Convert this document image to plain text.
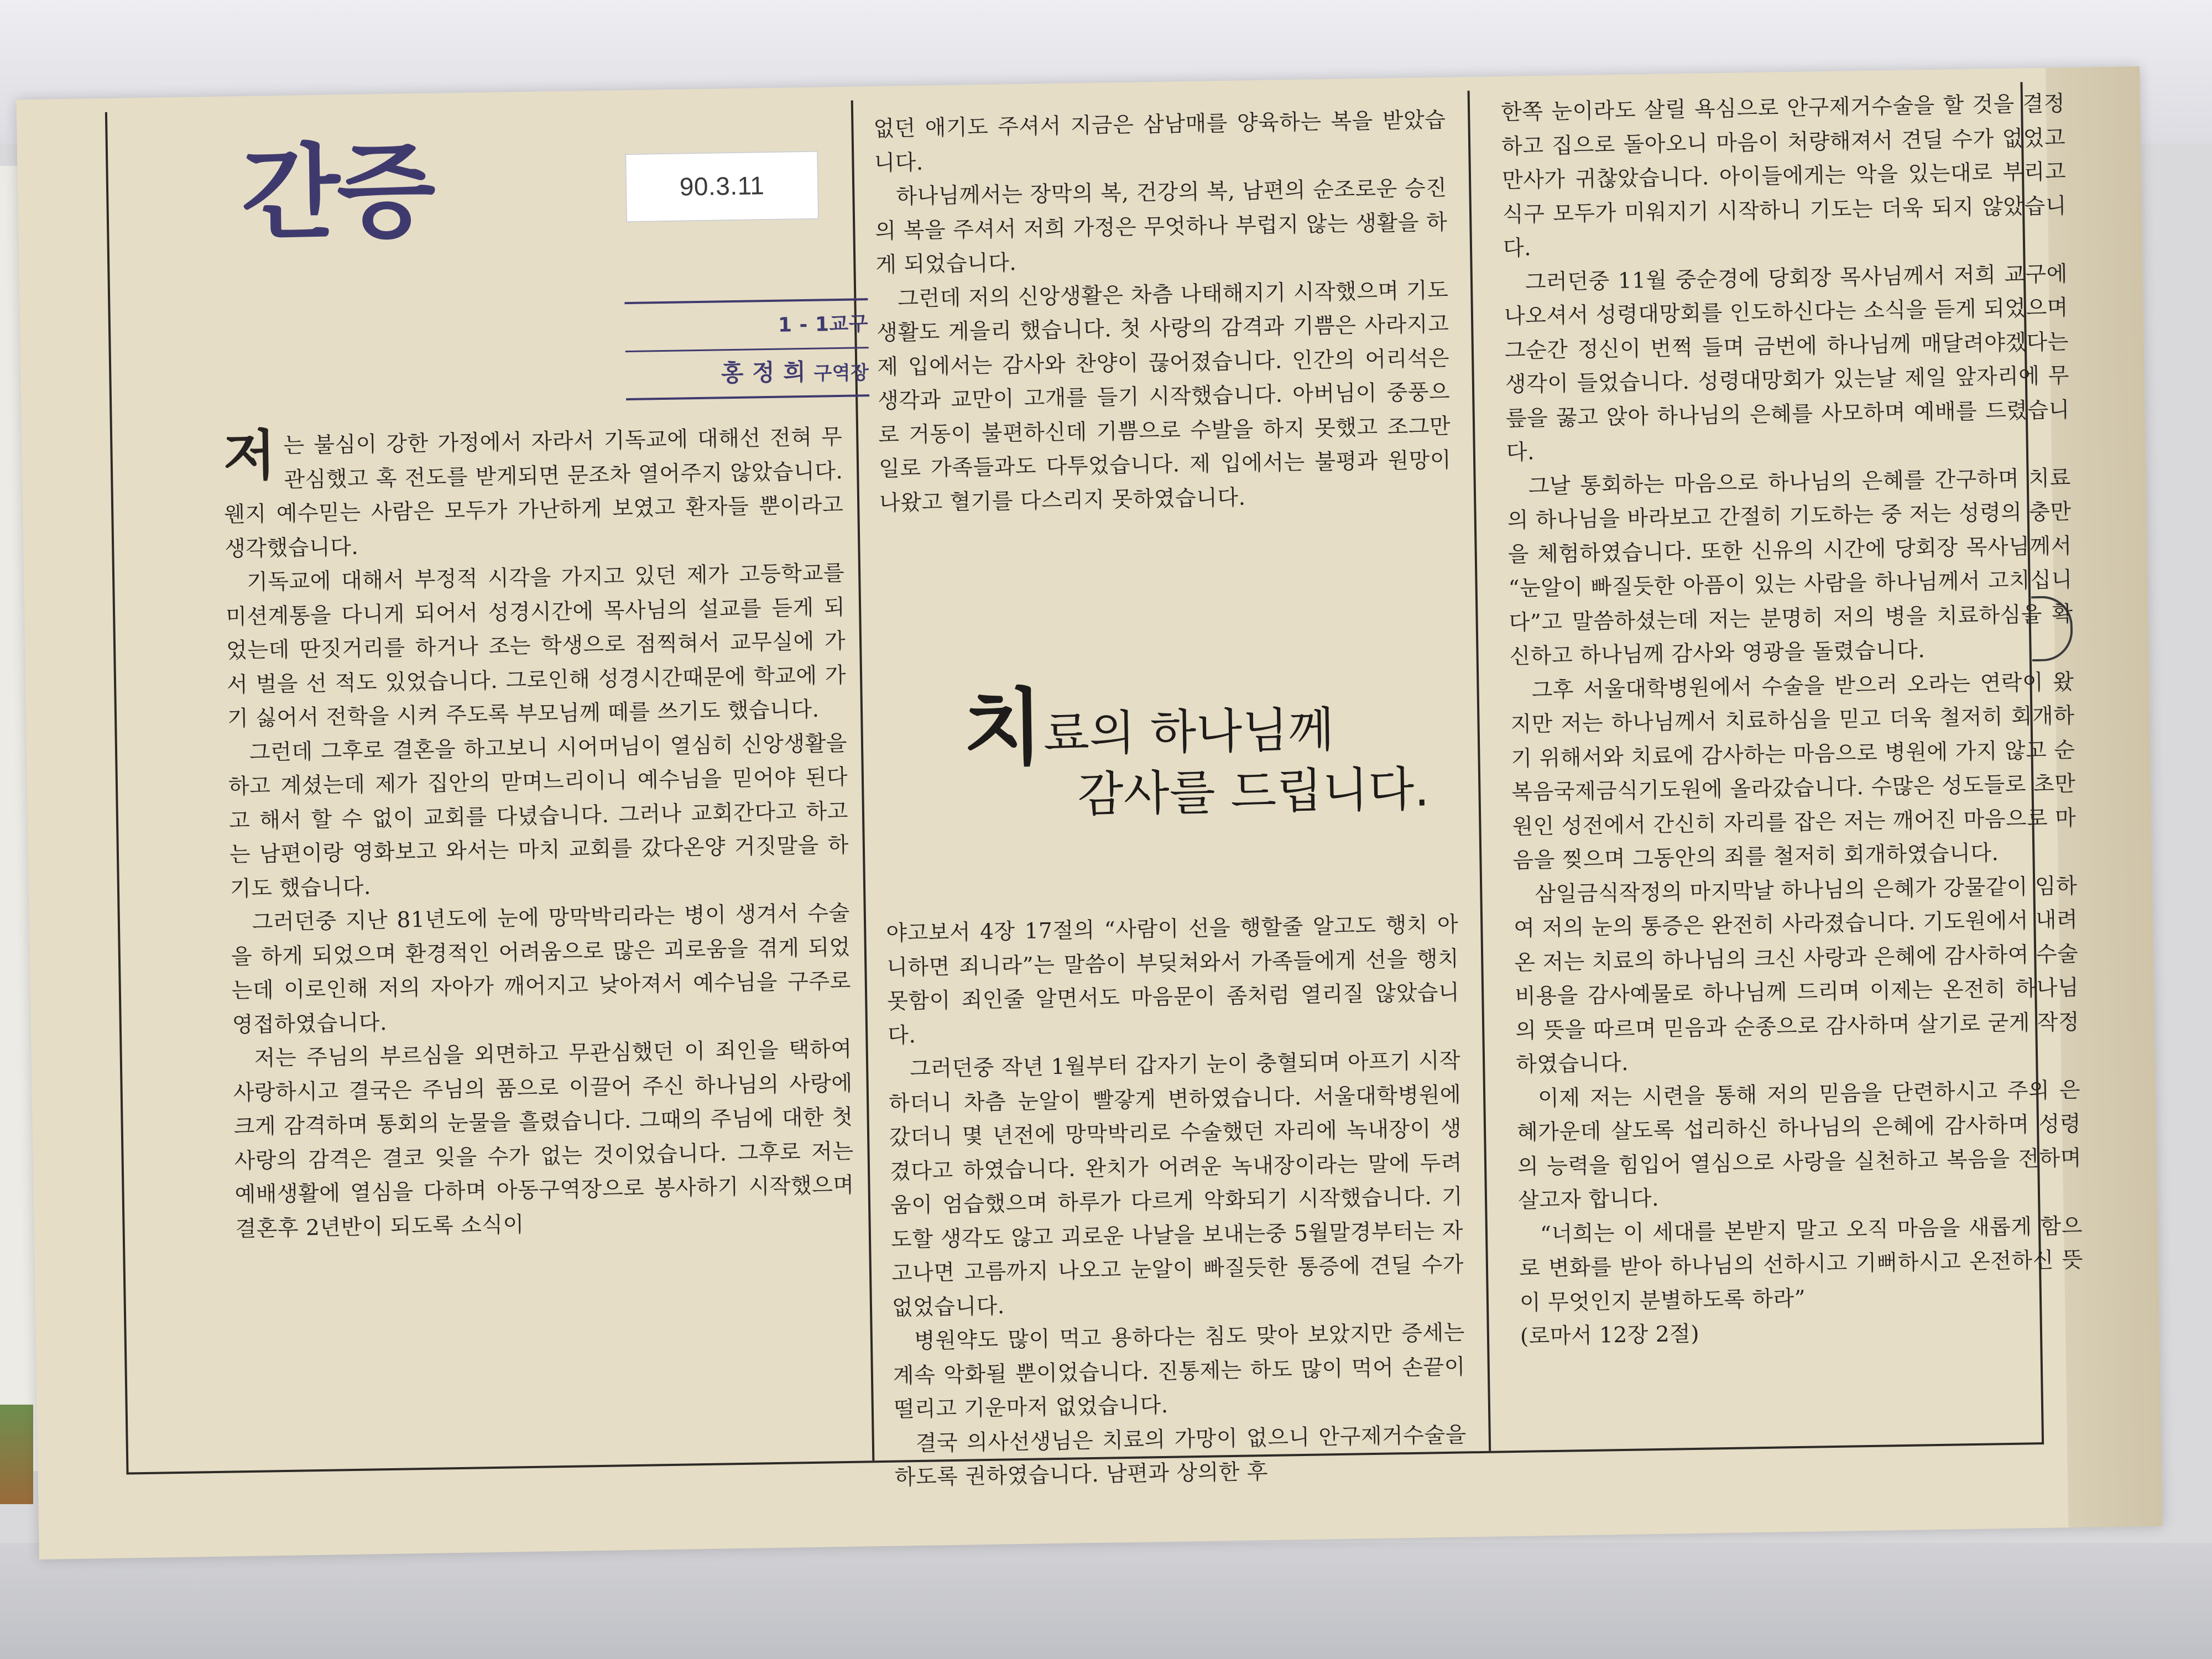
간증	90.3.11
1 - 1교구
홍 정 희 구역장

저는 불심이 강한 가정에서 자라서 기독교에 대해선 전혀 무관심했고 혹 전도를 받게되면 문조차 열어주지 않았습니다. 웬지 예수믿는 사람은 모두가 가난하게 보였고 환자들 뿐이라고 생각했습니다.

기독교에 대해서 부정적 시각을 가지고 있던 제가 고등학교를 미션계통을 다니게 되어서 성경시간에 목사님의 설교를 듣게 되었는데 딴짓거리를 하거나 조는 학생으로 점찍혀서 교무실에 가서 벌을 선 적도 있었습니다. 그로인해 성경시간때문에 학교에 가기 싫어서 전학을 시켜 주도록 부모님께 떼를 쓰기도 했습니다.

그런데 그후로 결혼을 하고보니 시어머님이 열심히 신앙생활을 하고 계셨는데 제가 집안의 맏며느리이니 예수님을 믿어야 된다고 해서 할 수 없이 교회를 다녔습니다. 그러나 교회간다고 하고는 남편이랑 영화보고 와서는 마치 교회를 갔다온양 거짓말을 하기도 했습니다.

그러던중 지난 81년도에 눈에 망막박리라는 병이 생겨서 수술을 하게 되었으며 환경적인 어려움으로 많은 괴로움을 겪게 되었는데 이로인해 저의 자아가 깨어지고 낮아져서 예수님을 구주로 영접하였습니다.

저는 주님의 부르심을 외면하고 무관심했던 이 죄인을 택하여 사랑하시고 결국은 주님의 품으로 이끌어 주신 하나님의 사랑에 크게 감격하며 통회의 눈물을 흘렸습니다. 그때의 주님에 대한 첫사랑의 감격은 결코 잊을 수가 없는 것이었습니다. 그후로 저는 예배생활에 열심을 다하며 아동구역장으로 봉사하기 시작했으며 결혼후 2년반이 되도록 소식이

없던 애기도 주셔서 지금은 삼남매를 양육하는 복을 받았습니다.

하나님께서는 장막의 복, 건강의 복, 남편의 순조로운 승진의 복을 주셔서 저희 가정은 무엇하나 부럽지 않는 생활을 하게 되었습니다.

그런데 저의 신앙생활은 차츰 나태해지기 시작했으며 기도생활도 게을리 했습니다. 첫 사랑의 감격과 기쁨은 사라지고 제 입에서는 감사와 찬양이 끊어졌습니다. 인간의 어리석은 생각과 교만이 고개를 들기 시작했습니다. 아버님이 중풍으로 거동이 불편하신데 기쁨으로 수발을 하지 못했고 조그만 일로 가족들과도 다투었습니다. 제 입에서는 불평과 원망이 나왔고 혈기를 다스리지 못하였습니다.

야고보서 4장 17절의 “사람이 선을 행할줄 알고도 행치 아니하면 죄니라”는 말씀이 부딪쳐와서 가족들에게 선을 행치 못함이 죄인줄 알면서도 마음문이 좀처럼 열리질 않았습니다.

그러던중 작년 1월부터 갑자기 눈이 충혈되며 아프기 시작하더니 차츰 눈알이 빨갛게 변하였습니다. 서울대학병원에 갔더니 몇 년전에 망막박리로 수술했던 자리에 녹내장이 생겼다고 하였습니다. 완치가 어려운 녹내장이라는 말에 두려움이 엄습했으며 하루가 다르게 악화되기 시작했습니다. 기도할 생각도 않고 괴로운 나날을 보내는중 5월말경부터는 자고나면 고름까지 나오고 눈알이 빠질듯한 통증에 견딜 수가 없었습니다.

병원약도 많이 먹고 용하다는 침도 맞아 보았지만 증세는 계속 악화될 뿐이었습니다. 진통제는 하도 많이 먹어 손끝이 떨리고 기운마저 없었습니다.

결국 의사선생님은 치료의 가망이 없으니 안구제거수술을 하도록 권하였습니다. 남편과 상의한 후

치료의 하나님께
감사를 드립니다.

한쪽 눈이라도 살릴 욕심으로 안구제거수술을 할 것을 결정하고 집으로 돌아오니 마음이 처량해져서 견딜 수가 없었고 만사가 귀찮았습니다. 아이들에게는 악을 있는대로 부리고 식구 모두가 미워지기 시작하니 기도는 더욱 되지 않았습니다.

그러던중 11월 중순경에 당회장 목사님께서 저희 교구에 나오셔서 성령대망회를 인도하신다는 소식을 듣게 되었으며 그순간 정신이 번쩍 들며 금번에 하나님께 매달려야겠다는 생각이 들었습니다. 성령대망회가 있는날 제일 앞자리에 무릎을 꿇고 앉아 하나님의 은혜를 사모하며 예배를 드렸습니다.

그날 통회하는 마음으로 하나님의 은혜를 간구하며 치료의 하나님을 바라보고 간절히 기도하는 중 저는 성령의 충만을 체험하였습니다. 또한 신유의 시간에 당회장 목사님께서 “눈알이 빠질듯한 아픔이 있는 사람을 하나님께서 고치십니다”고 말씀하셨는데 저는 분명히 저의 병을 치료하심을 확신하고 하나님께 감사와 영광을 돌렸습니다.

그후 서울대학병원에서 수술을 받으러 오라는 연락이 왔지만 저는 하나님께서 치료하심을 믿고 더욱 철저히 회개하기 위해서와 치료에 감사하는 마음으로 병원에 가지 않고 순복음국제금식기도원에 올라갔습니다. 수많은 성도들로 초만원인 성전에서 간신히 자리를 잡은 저는 깨어진 마음으로 마음을 찢으며 그동안의 죄를 철저히 회개하였습니다.

삼일금식작정의 마지막날 하나님의 은혜가 강물같이 임하여 저의 눈의 통증은 완전히 사라졌습니다. 기도원에서 내려온 저는 치료의 하나님의 크신 사랑과 은혜에 감사하여 수술비용을 감사예물로 하나님께 드리며 이제는 온전히 하나님의 뜻을 따르며 믿음과 순종으로 감사하며 살기로 굳게 작정하였습니다.

이제 저는 시련을 통해 저의 믿음을 단련하시고 주의 은혜가운데 살도록 섭리하신 하나님의 은혜에 감사하며 성령의 능력을 힘입어 열심으로 사랑을 실천하고 복음을 전하며 살고자 합니다.

“너희는 이 세대를 본받지 말고 오직 마음을 새롭게 함으로 변화를 받아 하나님의 선하시고 기뻐하시고 온전하신 뜻이 무엇인지 분별하도록 하라”

(로마서 12장 2절)
